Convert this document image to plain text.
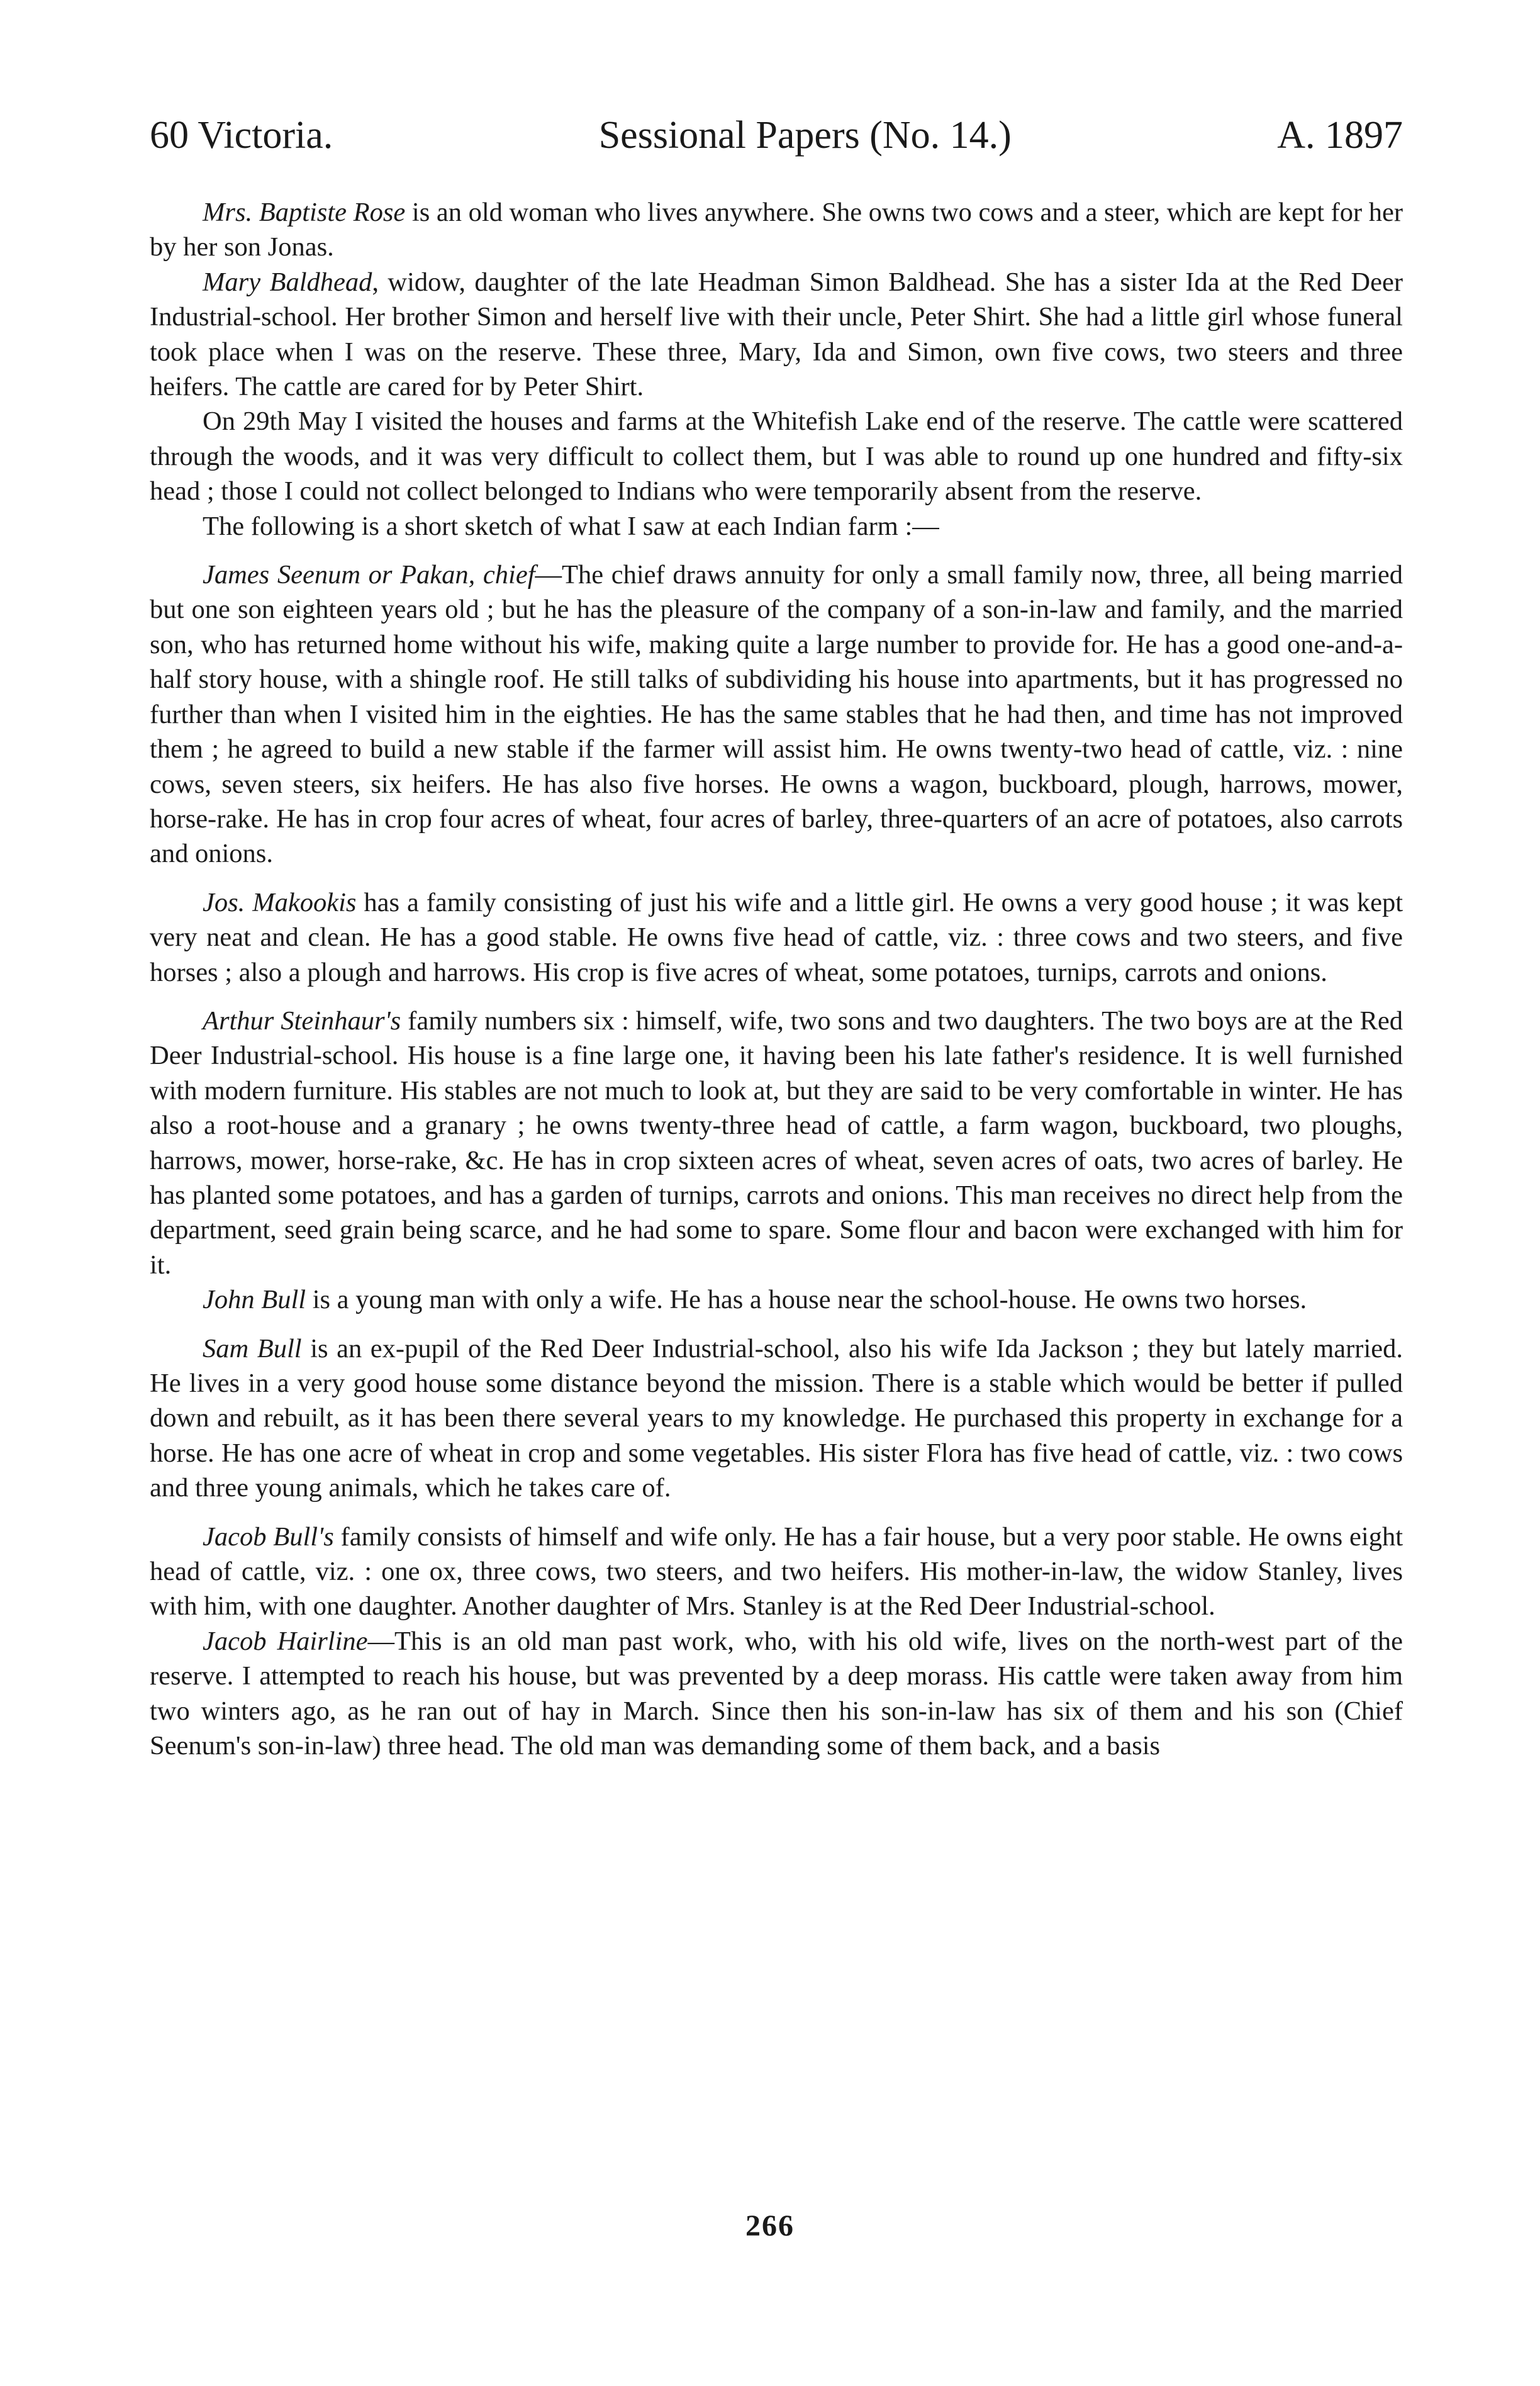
60 Victoria.	Sessional Papers (No. 14.)	A. 1897

Mrs. Baptiste Rose is an old woman who lives anywhere. She owns two cows and a steer, which are kept for her by her son Jonas.

Mary Baldhead, widow, daughter of the late Headman Simon Baldhead. She has a sister Ida at the Red Deer Industrial-school. Her brother Simon and herself live with their uncle, Peter Shirt. She had a little girl whose funeral took place when I was on the reserve. These three, Mary, Ida and Simon, own five cows, two steers and three heifers. The cattle are cared for by Peter Shirt.

On 29th May I visited the houses and farms at the Whitefish Lake end of the reserve. The cattle were scattered through the woods, and it was very difficult to collect them, but I was able to round up one hundred and fifty-six head ; those I could not collect belonged to Indians who were temporarily absent from the reserve.

The following is a short sketch of what I saw at each Indian farm :—

James Seenum or Pakan, chief—The chief draws annuity for only a small family now, three, all being married but one son eighteen years old ; but he has the pleasure of the company of a son-in-law and family, and the married son, who has returned home without his wife, making quite a large number to provide for. He has a good one-and-a-half story house, with a shingle roof. He still talks of subdividing his house into apartments, but it has progressed no further than when I visited him in the eighties. He has the same stables that he had then, and time has not improved them ; he agreed to build a new stable if the farmer will assist him. He owns twenty-two head of cattle, viz. : nine cows, seven steers, six heifers. He has also five horses. He owns a wagon, buckboard, plough, harrows, mower, horse-rake. He has in crop four acres of wheat, four acres of barley, three-quarters of an acre of potatoes, also carrots and onions.

Jos. Makookis has a family consisting of just his wife and a little girl. He owns a very good house ; it was kept very neat and clean. He has a good stable. He owns five head of cattle, viz. : three cows and two steers, and five horses ; also a plough and harrows. His crop is five acres of wheat, some potatoes, turnips, carrots and onions.

Arthur Steinhaur's family numbers six : himself, wife, two sons and two daughters. The two boys are at the Red Deer Industrial-school. His house is a fine large one, it having been his late father's residence. It is well furnished with modern furniture. His stables are not much to look at, but they are said to be very comfortable in winter. He has also a root-house and a granary ; he owns twenty-three head of cattle, a farm wagon, buckboard, two ploughs, harrows, mower, horse-rake, &c. He has in crop sixteen acres of wheat, seven acres of oats, two acres of barley. He has planted some potatoes, and has a garden of turnips, carrots and onions. This man receives no direct help from the department, seed grain being scarce, and he had some to spare. Some flour and bacon were exchanged with him for it.

John Bull is a young man with only a wife. He has a house near the school-house. He owns two horses.

Sam Bull is an ex-pupil of the Red Deer Industrial-school, also his wife Ida Jackson ; they but lately married. He lives in a very good house some distance beyond the mission. There is a stable which would be better if pulled down and rebuilt, as it has been there several years to my knowledge. He purchased this property in exchange for a horse. He has one acre of wheat in crop and some vegetables. His sister Flora has five head of cattle, viz. : two cows and three young animals, which he takes care of.

Jacob Bull's family consists of himself and wife only. He has a fair house, but a very poor stable. He owns eight head of cattle, viz. : one ox, three cows, two steers, and two heifers. His mother-in-law, the widow Stanley, lives with him, with one daughter. Another daughter of Mrs. Stanley is at the Red Deer Industrial-school.

Jacob Hairline—This is an old man past work, who, with his old wife, lives on the north-west part of the reserve. I attempted to reach his house, but was prevented by a deep morass. His cattle were taken away from him two winters ago, as he ran out of hay in March. Since then his son-in-law has six of them and his son (Chief Seenum's son-in-law) three head. The old man was demanding some of them back, and a basis

266
